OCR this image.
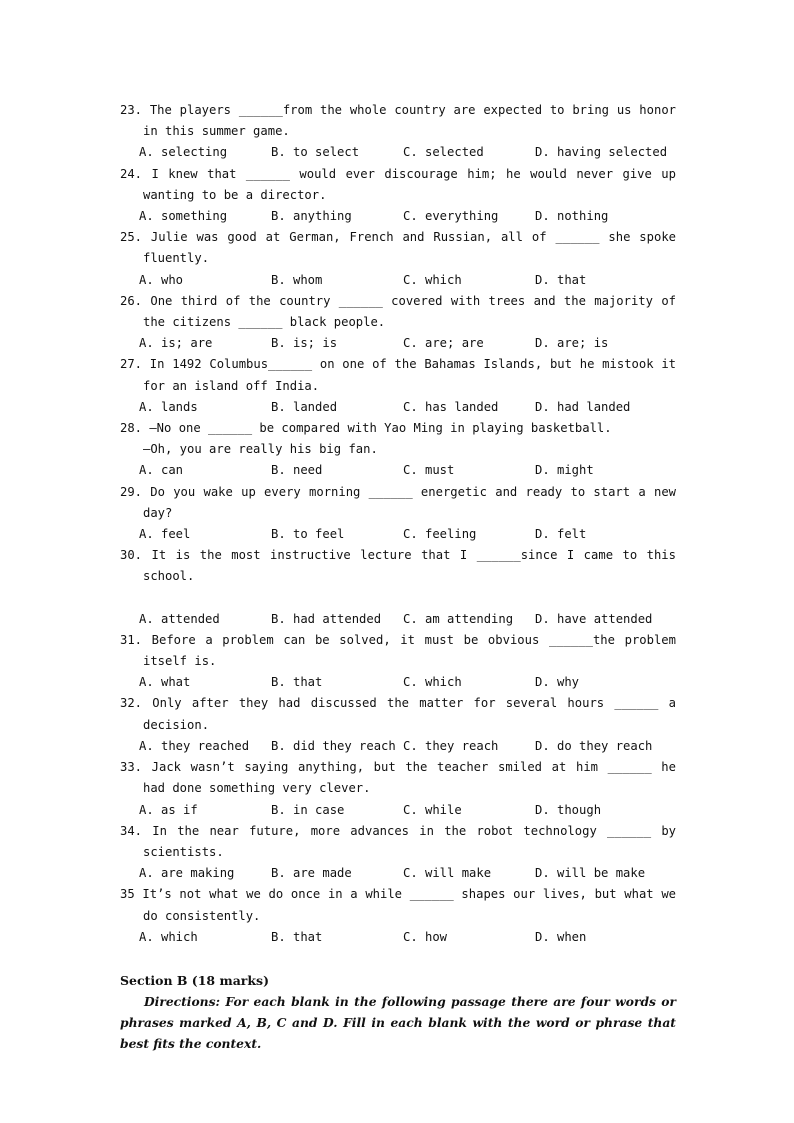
23. The players ______from the whole country are expected to bring us honor in this summer game.
A. selecting	B. to select	C. selected	D. having selected
24. I knew that ______ would ever discourage him; he would never give up wanting to be a director.
A. something	B. anything	C. everything	D. nothing
25. Julie was good at German, French and Russian, all of ______ she spoke fluently.
A. who	B. whom	C. which	D. that
26. One third of the country ______ covered with trees and the majority of the citizens ______ black people.
A. is; are	B. is; is	C. are; are	D. are; is
27. In 1492 Columbus______ on one of the Bahamas Islands, but he mistook it for an island off India.
A. lands	B. landed	C. has landed	D. had landed
28. —No one ______ be compared with Yao Ming in playing basketball.
—Oh, you are really his big fan.
A. can	B. need	C. must	D. might
29. Do you wake up every morning ______ energetic and ready to start a new day?
A. feel	B. to feel	C. feeling	D. felt
30. It is the most instructive lecture that I ______since I came to this school.
A. attended	B. had attended	C. am attending	D. have attended
31. Before a problem can be solved, it must be obvious ______the problem itself is.
A. what	B. that	C. which	D. why
32. Only after they had discussed the matter for several hours ______ a decision.
A. they reached	B. did they reach C. they reach	D. do they reach
33. Jack wasn’t saying anything, but the teacher smiled at him ______ he had done something very clever.
A. as if	B. in case	C. while	D. though
34. In the near future, more advances in the robot technology ______ by scientists.
A. are making	B. are made	C. will make	D. will be make
35 It’s not what we do once in a while ______ shapes our lives, but what we do consistently.
A. which	B. that	C. how	D. when
Section B (18 marks)
Directions: For each blank in the following passage there are four words or phrases marked A, B, C and D. Fill in each blank with the word or phrase that best fits the context.
